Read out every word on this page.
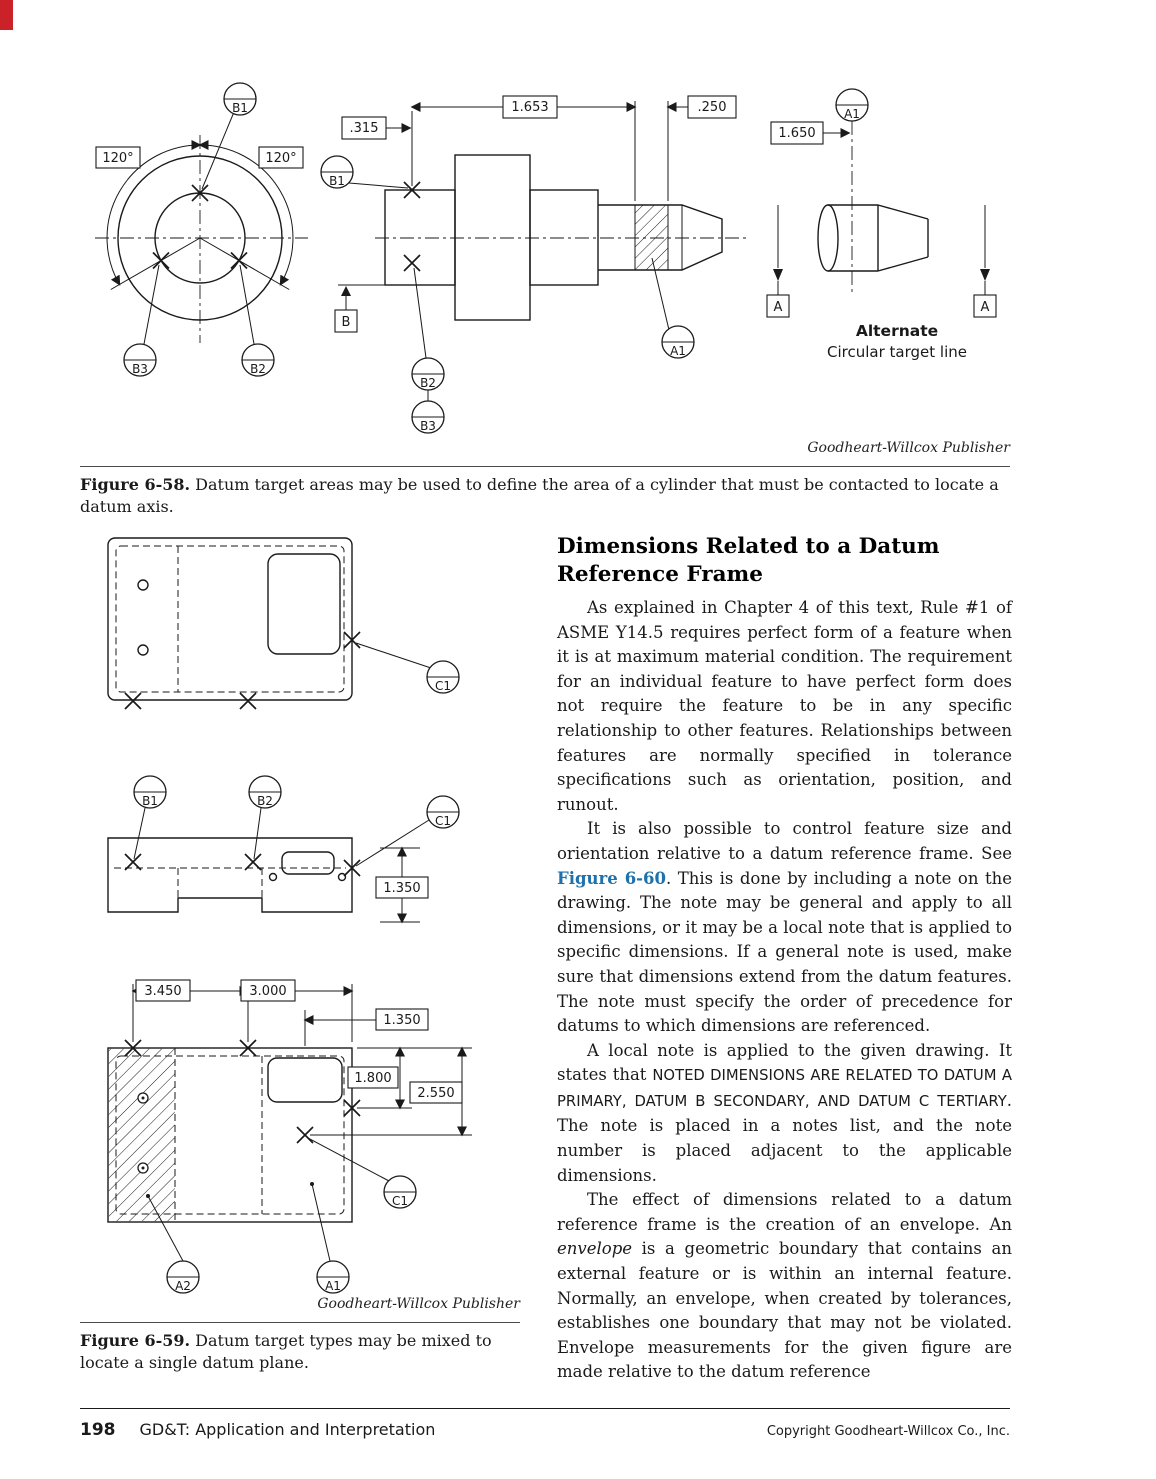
120°	120°
B1
B3	B2
.315
1.653	.250
B1
B2
B3
A1
B
A
A1
1.650
A
Alternate
Circular target line
Goodheart-Willcox Publisher
Figure 6-58. Datum target areas may be used to define the area of a cylinder that must be contacted to locate a datum axis.
C1
B1	B2
C1
1.350
3.450	3.000
1.350
1.800
2.550
C1
A2	A1
Goodheart-Willcox Publisher
Figure 6-59. Datum target types may be mixed to locate a single datum plane.
Dimensions Related to a Datum Reference Frame

As explained in Chapter 4 of this text, Rule #1 of ASME Y14.5 requires perfect form of a feature when it is at maximum material condition. The requirement for an individual feature to have perfect form does not require the feature to be in any specific relationship to other features. Relationships between features are normally specified in tolerance specifications such as orientation, position, and runout.

It is also possible to control feature size and orientation relative to a datum reference frame. See Figure 6-60. This is done by including a note on the drawing. The note may be general and apply to all dimensions, or it may be a local note that is applied to specific dimensions. If a general note is used, make sure that dimensions extend from the datum features. The note must specify the order of precedence for datums to which dimensions are referenced.

A local note is applied to the given drawing. It states that NOTED DIMENSIONS ARE RELATED TO DATUM A PRIMARY, DATUM B SECONDARY, AND DATUM C TERTIARY. The note is placed in a notes list, and the note number is placed adjacent to the applicable dimensions.

The effect of dimensions related to a datum reference frame is the creation of an envelope. An envelope is a geometric boundary that contains an external feature or is within an internal feature. Normally, an envelope, when created by tolerances, establishes one boundary that may not be violated. Envelope measurements for the given figure are made relative to the datum reference

198 GD&T: Application and Interpretation	Copyright Goodheart-Willcox Co., Inc.
